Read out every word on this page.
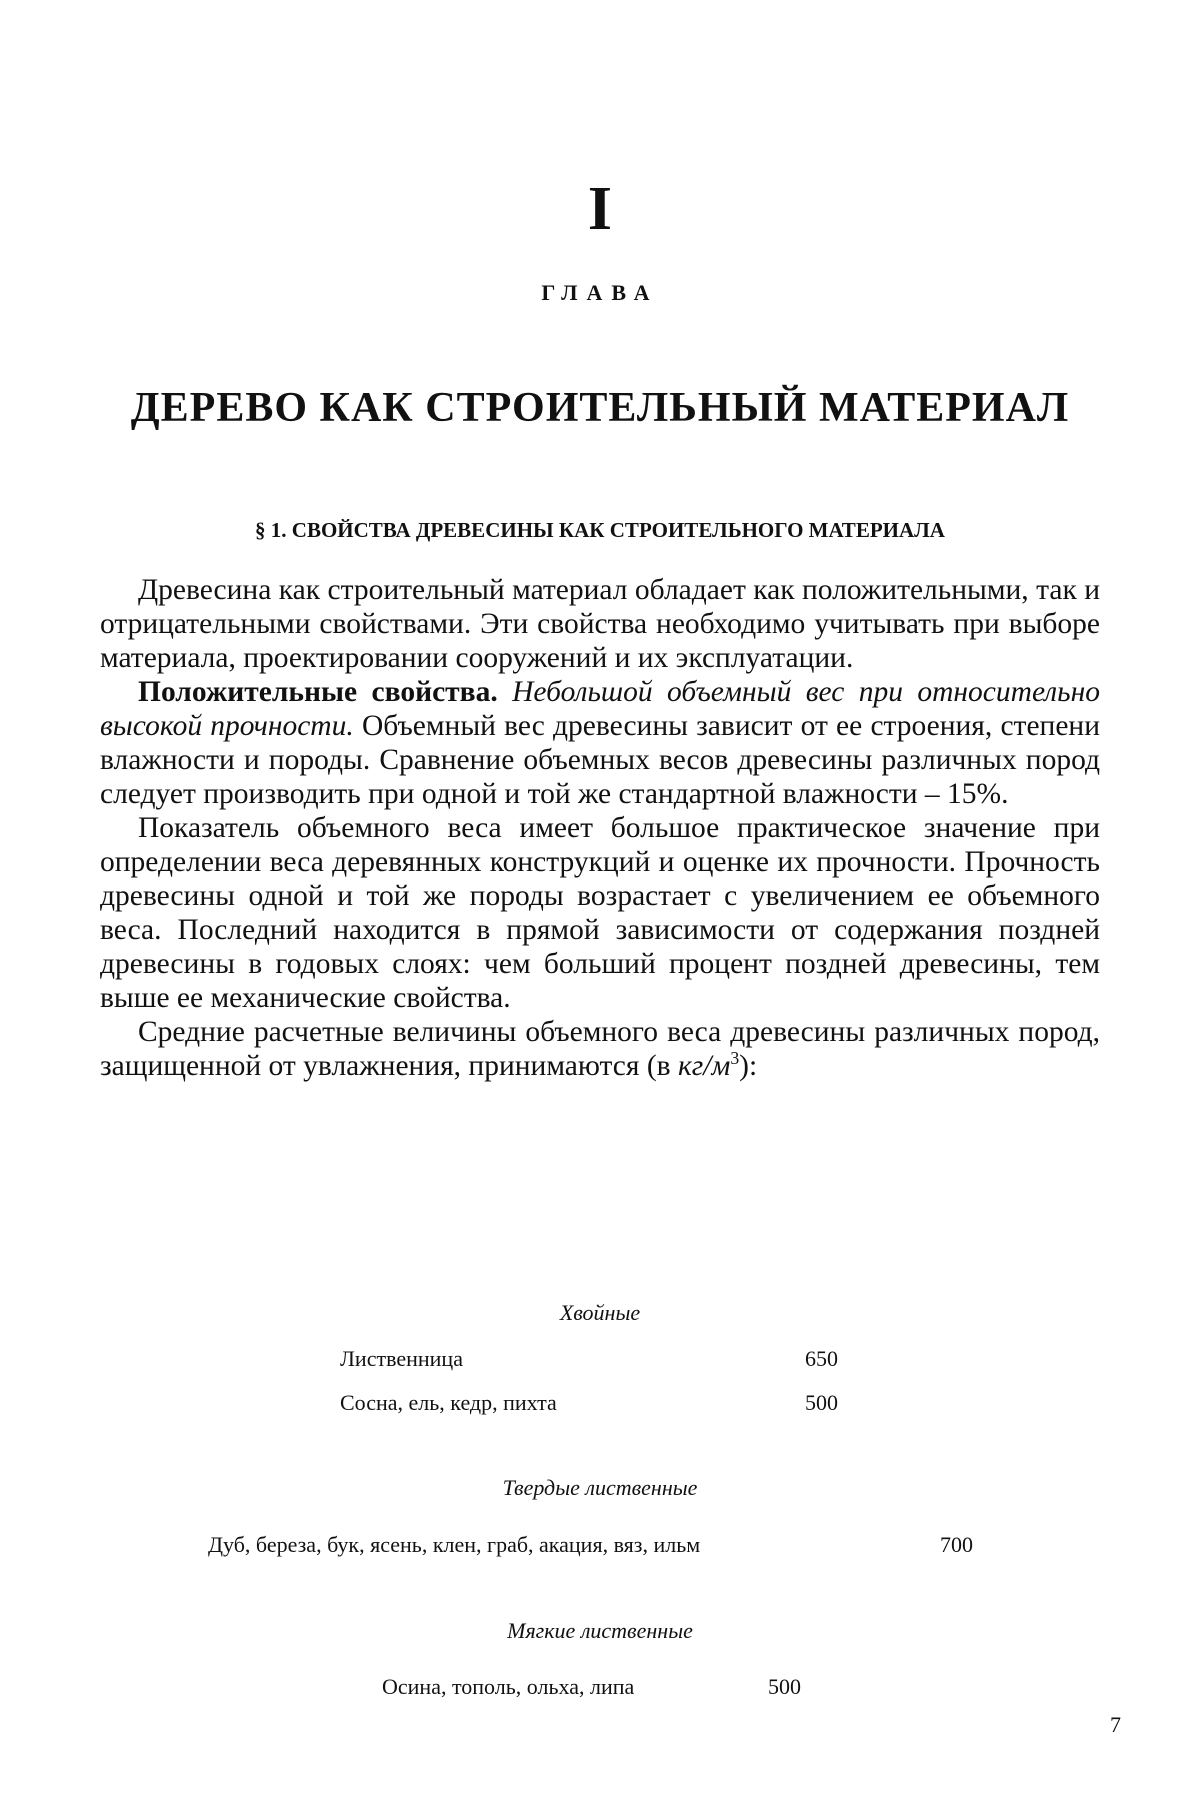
I
ГЛАВА
ДЕРЕВО КАК СТРОИТЕЛЬНЫЙ МАТЕРИАЛ
§ 1. СВОЙСТВА ДРЕВЕСИНЫ КАК СТРОИТЕЛЬНОГО МАТЕРИАЛА

Древесина как строительный материал обладает как положительными, так и отрицательными свойствами. Эти свойства необходимо учитывать при выборе материала, проектировании сооружений и их эксплуатации.

Положительные свойства. Небольшой объемный вес при относительно высокой прочности. Объемный вес древесины зависит от ее строения, степени влажности и породы. Сравнение объемных весов древесины различных пород следует производить при одной и той же стандартной влажности – 15%.

Показатель объемного веса имеет большое практическое значение при определении веса деревянных конструкций и оценке их прочности. Прочность древесины одной и той же породы возрастает с увеличением ее объемного веса. Последний находится в прямой зависимости от содержания поздней древесины в годовых слоях: чем больший процент поздней древесины, тем выше ее механические свойства.

Средние расчетные величины объемного веса древесины различных пород, защищенной от увлажнения, принимаются (в $кг/м^3$):

Хвойные
Лиственница	650
Сосна, ель, кедр, пихта	500
Твердые лиственные
Дуб, береза, бук, ясень, клен, граб, акация, вяз, ильм	700
Мягкие лиственные
Осина, тополь, ольха, липа	500
7
